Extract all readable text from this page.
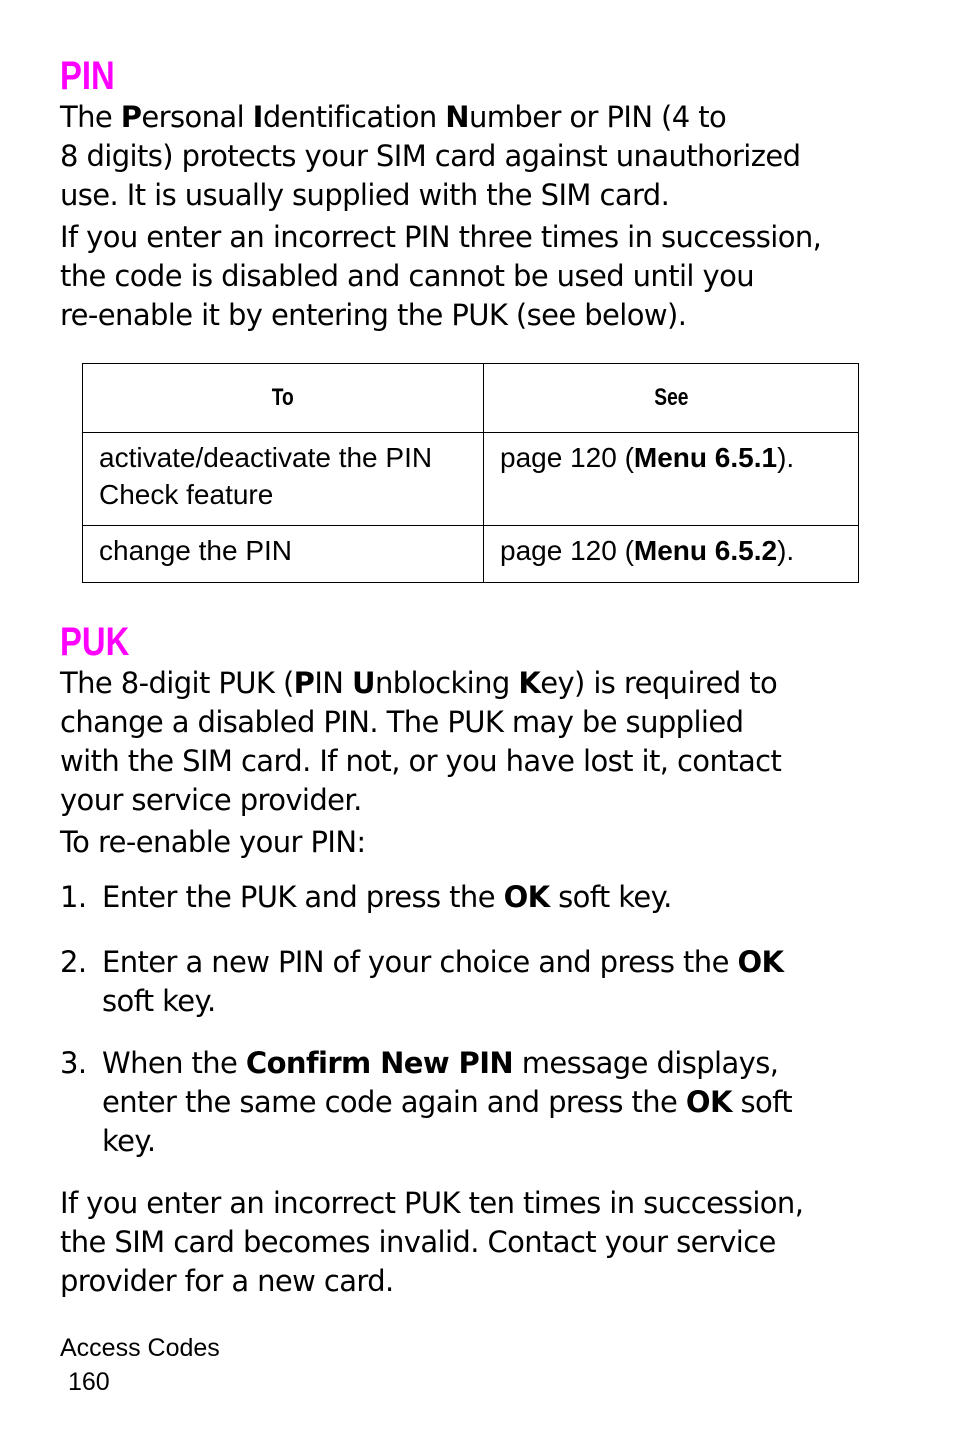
PIN

The Personal Identification Number or PIN (4 to
8 digits) protects your SIM card against unauthorized
use. It is usually supplied with the SIM card.

If you enter an incorrect PIN three times in succession,
the code is disabled and cannot be used until you
re-enable it by entering the PUK (see below).

To	See
activate/deactivate the PIN
Check feature	page 120 (Menu 6.5.1).
change the PIN	page 120 (Menu 6.5.2).
PUK

The 8-digit PUK (PIN Unblocking Key) is required to
change a disabled PIN. The PUK may be supplied
with the SIM card. If not, or you have lost it, contact
your service provider.

To re-enable your PIN:

1. Enter the PUK and press the OK soft key.
2. Enter a new PIN of your choice and press the OK
soft key.
3. When the Confirm New PIN message displays,
enter the same code again and press the OK soft
key.

If you enter an incorrect PUK ten times in succession,
the SIM card becomes invalid. Contact your service
provider for a new card.

Access Codes
160
